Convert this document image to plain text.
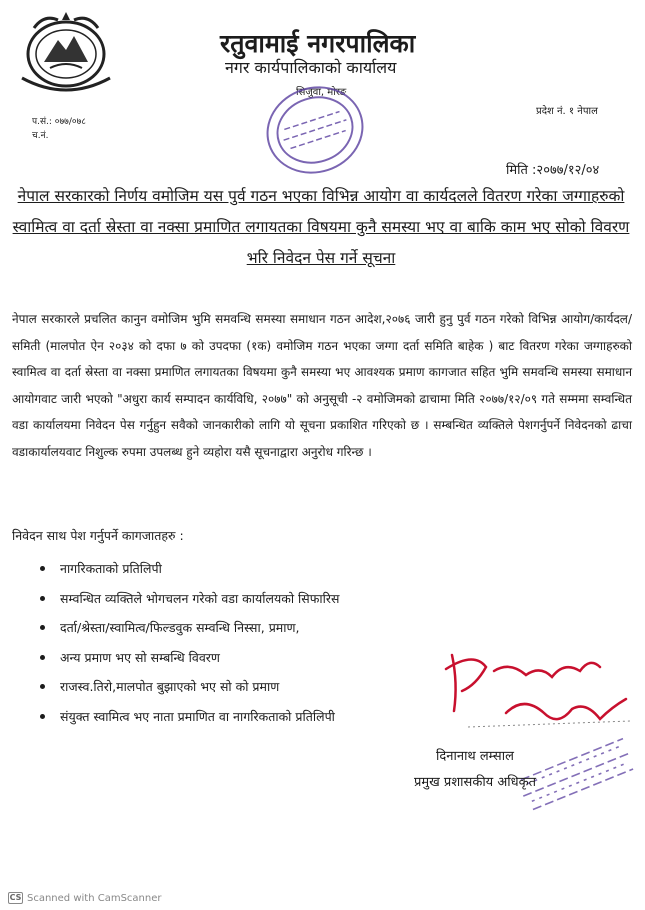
रतुवामाई नगरपालिका
नगर कार्यपालिकाको कार्यालय
सिजुवा, मोरङ
प.सं.: ०७७/०७८
च.नं.
प्रदेश नं. १ नेपाल
मिति :२०७७/१२/०४
नेपाल सरकारको निर्णय वमोजिम यस पुर्व गठन भएका विभिन्न आयोग वा कार्यदलले वितरण गरेका जग्गाहरुको स्वामित्व वा दर्ता स्रेस्ता वा नक्सा प्रमाणित लगायतका विषयमा कुनै समस्या भए वा बाकि काम भए सोको विवरण भरि निवेदन पेस गर्ने सूचना

नेपाल सरकारले प्रचलित कानुन वमोजिम भुमि समवन्धि समस्या समाधान गठन आदेश,२०७६ जारी हुनु पुर्व गठन गरेको विभिन्न आयोग/कार्यदल/समिती (मालपोत ऐन २०३४ को दफा ७ को उपदफा (१क) वमोजिम गठन भएका जग्गा दर्ता समिति बाहेक ) बाट वितरण गरेका जग्गाहरुको स्वामित्व वा दर्ता स्रेस्ता वा नक्सा प्रमाणित लगायतका विषयमा कुनै समस्या भए आवश्यक प्रमाण कागजात सहित भुमि समवन्धि समस्या समाधान आयोगवाट जारी भएको "अधुरा कार्य सम्पादन कार्यविधि, २०७७" को अनुसूची -२ वमोजिमको ढाचामा मिति २०७७/१२/०९ गते सम्ममा सम्वन्धित वडा कार्यालयमा निवेदन पेस गर्नुहुन सवैको जानकारीको लागि यो सूचना प्रकाशित गरिएको छ । सम्बन्धित व्यक्तिले पेशगर्नुपर्ने निवेदनको ढाचा वडाकार्यालयवाट निशुल्क रुपमा उपलब्ध हुने व्यहोरा यसै सूचनाद्वारा अनुरोध गरिन्छ ।

निवेदन साथ पेश गर्नुपर्ने कागजातहरु :
नागरिकताको प्रतिलिपी
सम्वन्धित व्यक्तिले भोगचलन गरेको वडा कार्यालयको सिफारिस
दर्ता/श्रेस्ता/स्वामित्व/फिल्डवुक सम्वन्धि निस्सा, प्रमाण,
अन्य प्रमाण भए सो सम्बन्धि विवरण
राजस्व.तिरो,मालपोत बुझाएको भए सो को प्रमाण
संयुक्त स्वामित्व भए नाता प्रमाणित वा नागरिकताको प्रतिलिपी
दिनानाथ लम्साल
प्रमुख प्रशासकीय अधिकृत
CS Scanned with CamScanner
